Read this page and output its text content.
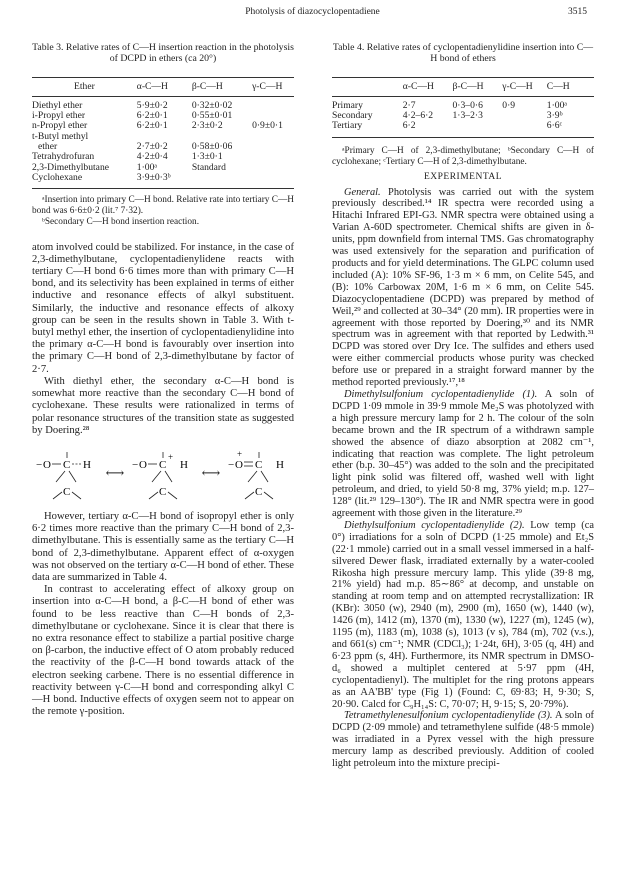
Photolysis of diazocyclopentadiene	3515
Table 3. Relative rates of C—H insertion reaction in the photolysis of DCPD in ethers (ca 20°)
Ether	α-C—H	β-C—H	γ-C—H
Diethyl ether	5·9±0·2	0·32±0·02	
i-Propyl ether	6·2±0·1	0·55±0·01	
n-Propyl ether	6·2±0·1	2·3±0·2	0·9±0·1
t-Butyl methyl			
ether	2·7±0·2	0·58±0·06	
Tetrahydrofuran	4·2±0·4	1·3±0·1	
2,3-Dimethylbutane	1·00ᵃ	Standard	
Cyclohexane	3·9±0·3ᵇ		

ᵃInsertion into primary C—H bond. Relative rate into tertiary C—H bond was 6·6±0·2 (lit.⁷ 7·32).

ᵇSecondary C—H bond insertion reaction.

atom involved could be stabilized. For instance, in the case of 2,3-dimethylbutane, cyclopentadienylidene reacts with tertiary C—H bond 6·6 times more than with primary C—H bond, and its selectivity has been explained in terms of either inductive and resonance effects of alkyl substituent. Similarly, the inductive and resonance effects of alkoxy group can be seen in the results shown in Table 3. With t-butyl methyl ether, the insertion of cyclopentadienylidine into the primary α-C—H bond is favourably over insertion into the primary C—H bond of 2,3-dimethylbutane by factor of 2·7.

With diethyl ether, the secondary α-C—H bond is somewhat more reactive than the secondary C—H bond of cyclohexane. These results were rationalized in terms of polar resonance structures of the transition state as suggested by Doering.²⁸

− O C H
C
⟷ − O C
+
H
C
⟷ − O
+
C H
C

However, tertiary α-C—H bond of isopropyl ether is only 6·2 times more reactive than the primary C—H bond of 2,3-dimethylbutane. This is essentially same as the tertiary C—H bond of 2,3-dimethylbutane. Apparent effect of α-oxygen was not observed on the tertiary α-C—H bond of ether. These data are summarized in Table 4.

In contrast to accelerating effect of alkoxy group on insertion into α-C—H bond, a β-C—H bond of ether was found to be less reactive than C—H bonds of 2,3-dimethylbutane or cyclohexane. Since it is clear that there is no extra resonance effect to stabilize a partial positive charge on β-carbon, the inductive effect of O atom probably reduced the reactivity of the β-C—H bond towards attack of the electron seeking carbene. There is no essential difference in reactivity between γ-C—H bond and corresponding alkyl C—H bond. Inductive effects of oxygen seem not to appear on the remote γ-position.

Table 4. Relative rates of cyclopentadienylidine insertion into C—H bond of ethers
	α-C—H	β-C—H	γ-C—H	C—H
Primary	2·7	0·3–0·6	0·9	1·00ᵃ
Secondary	4·2–6·2	1·3–2·3		3·9ᵇ
Tertiary	6·2			6·6ᶜ

ᵃPrimary C—H of 2,3-dimethylbutane; ᵇSecondary C—H of cyclohexane; ᶜTertiary C—H of 2,3-dimethylbutane.

EXPERIMENTAL

General. Photolysis was carried out with the system previously described.¹⁴ IR spectra were recorded using a Hitachi Infrared EPI-G3. NMR spectra were obtained using a Varian A-60D spectrometer. Chemical shifts are given in δ-units, ppm downfield from internal TMS. Gas chromatography was used extensively for the separation and purification of products and for yield determinations. The GLPC column used included (A): 10% SF-96, 1·3 m × 6 mm, on Celite 545, and (B): 10% Carbowax 20M, 1·6 m × 6 mm, on Celite 545. Diazocyclopentadiene (DCPD) was prepared by method of Weil,²⁹ and collected at 30–34° (20 mm). IR properties were in agreement with those reported by Doering,³⁰ and its NMR spectrum was in agreement with that reported by Ledwith.³¹ DCPD was stored over Dry Ice. The sulfides and ethers used were either commercial products whose purity was checked before use or prepared in a straight forward manner by the method reported previously.¹⁷,¹⁸

Dimethylsulfonium cyclopentadienylide (1). A soln of DCPD 1·09 mmole in 39·9 mmole Me₂S was photolyzed with a high pressure mercury lamp for 2 h. The colour of the soln became brown and the IR spectrum of a withdrawn sample showed the absence of diazo absorption at 2082 cm⁻¹, indicating that reaction was complete. The light petroleum ether (b.p. 30–45°) was added to the soln and the precipitated light pink solid was filtered off, washed well with light petroleum, and dried, to yield 50·8 mg, 37% yield; m.p. 127–128° (lit.²⁹ 129–130°). The IR and NMR spectra were in good agreement with those given in the literature.²⁹

Diethylsulfonium cyclopentadienylide (2). Low temp (ca 0°) irradiations for a soln of DCPD (1·25 mmole) and Et₂S (22·1 mmole) carried out in a small vessel immersed in a half-silvered Dewer flask, irradiated externally by a water-cooled Rikosha high pressure mercury lamp. This ylide (39·8 mg, 21% yield) had m.p. 85∼86° at decomp, and unstable on standing at room temp and on attempted recrystallization: IR (KBr): 3050 (w), 2940 (m), 2900 (m), 1650 (w), 1440 (w), 1426 (m), 1412 (m), 1370 (m), 1330 (w), 1227 (m), 1245 (w), 1195 (m), 1183 (m), 1038 (s), 1013 (v s), 784 (m), 702 (v.s.), and 661(s) cm⁻¹; NMR (CDCl₃); 1·24t, 6H), 3·05 (q, 4H) and 6·23 ppm (s, 4H). Furthermore, its NMR spectrum in DMSO-d₆ showed a multiplet centered at 5·97 ppm (4H, cyclopentadienyl). The multiplet for the ring protons appears as an AA'BB' type (Fig 1) (Found: C, 69·83; H, 9·30; S, 20·90. Calcd for C₉H₁₄S: C, 70·07; H, 9·15; S, 20·79%).

Tetramethylenesulfonium cyclopentadienylide (3). A soln of DCPD (2·09 mmole) and tetramethylene sulfide (48·5 mmole) was irradiated in a Pyrex vessel with the high pressure mercury lamp as described previously. Addition of cooled light petroleum into the mixture precipi-
